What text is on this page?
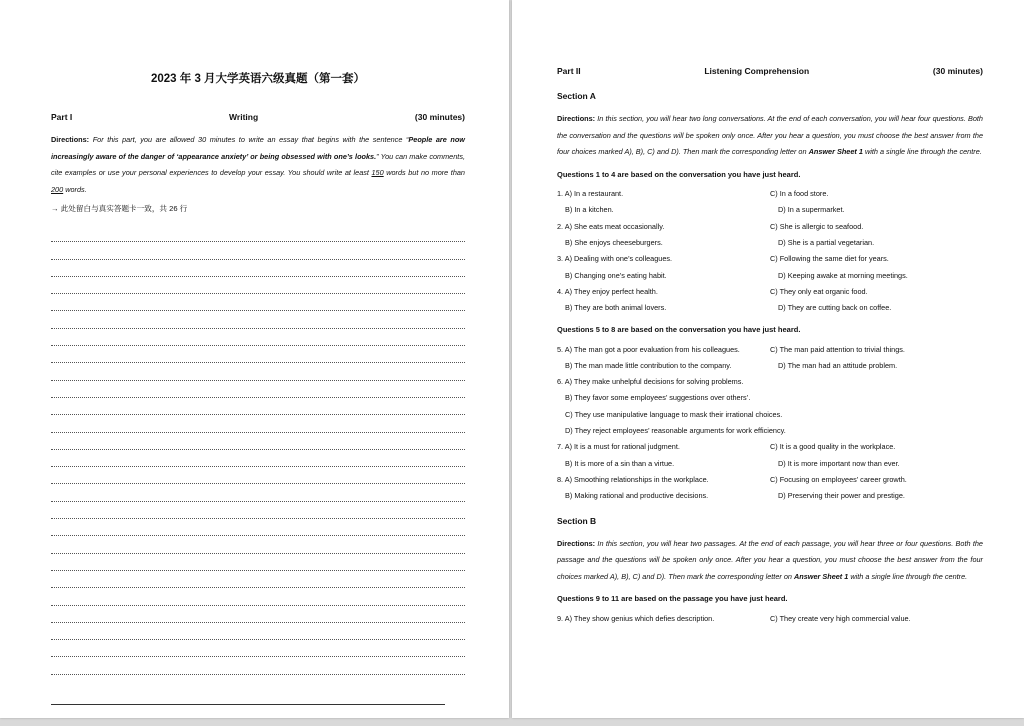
2023 年 3 月大学英语六级真题（第一套）
Part I	Writing	(30 minutes)
Directions: For this part, you are allowed 30 minutes to write an essay that begins with the sentence “People are now increasingly aware of the danger of ‘appearance anxiety’ or being obsessed with one’s looks.” You can make comments, cite examples or use your personal experiences to develop your essay. You should write at least 150 words but no more than 200 words.
→ 此处留白与真实答题卡一致，共 26 行
Part II	Listening Comprehension	(30 minutes)
Section A
Directions: In this section, you will hear two long conversations. At the end of each conversation, you will hear four questions. Both the conversation and the questions will be spoken only once. After you hear a question, you must choose the best answer from the four choices marked A), B), C) and D). Then mark the corresponding letter on Answer Sheet 1 with a single line through the centre.
Questions 1 to 4 are based on the conversation you have just heard.
1. A) In a restaurant.	C) In a food store.
B) In a kitchen.	D) In a supermarket.
2. A) She eats meat occasionally.	C) She is allergic to seafood.
B) She enjoys cheeseburgers.	D) She is a partial vegetarian.
3. A) Dealing with one’s colleagues.	C) Following the same diet for years.
B) Changing one’s eating habit.	D) Keeping awake at morning meetings.
4. A) They enjoy perfect health.	C) They only eat organic food.
B) They are both animal lovers.	D) They are cutting back on coffee.
Questions 5 to 8 are based on the conversation you have just heard.
5. A) The man got a poor evaluation from his colleagues.	C) The man paid attention to trivial things.
B) The man made little contribution to the company.	D) The man had an attitude problem.
6. A) They make unhelpful decisions for solving problems.
B) They favor some employees’ suggestions over others’.
C) They use manipulative language to mask their irrational choices.
D) They reject employees’ reasonable arguments for work efficiency.
7. A) It is a must for rational judgment.	C) It is a good quality in the workplace.
B) It is more of a sin than a virtue.	D) It is more important now than ever.
8. A) Smoothing relationships in the workplace.	C) Focusing on employees’ career growth.
B) Making rational and productive decisions.	D) Preserving their power and prestige.
Section B
Directions: In this section, you will hear two passages. At the end of each passage, you will hear three or four questions. Both the passage and the questions will be spoken only once. After you hear a question, you must choose the best answer from the four choices marked A), B), C) and D). Then mark the corresponding letter on Answer Sheet 1 with a single line through the centre.
Questions 9 to 11 are based on the passage you have just heard.
9. A) They show genius which defies description.	C) They create very high commercial value.
